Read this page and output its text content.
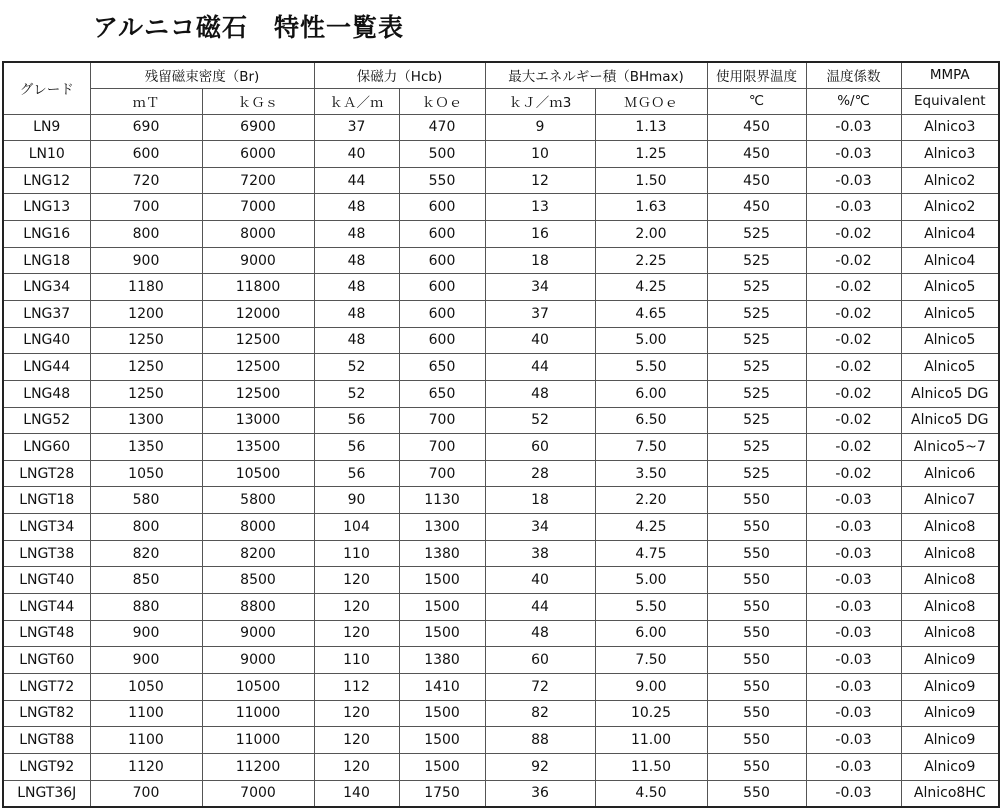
アルニコ磁石　特性一覧表
グレード	残留磁束密度（Br)		保磁力（Hcb)		最大エネルギー積（BHmax)		使用限界温度	温度係数	MMPA
	ｍＴ	ｋＧｓ	ｋＡ／ｍ	ｋＯｅ	ｋＪ／ｍ3	ＭＧＯｅ	℃	%/℃	Equivalent
LN9	690	6900	37	470	9	1.13	450	-0.03	Alnico3
LN10	600	6000	40	500	10	1.25	450	-0.03	Alnico3
LNG12	720	7200	44	550	12	1.50	450	-0.03	Alnico2
LNG13	700	7000	48	600	13	1.63	450	-0.03	Alnico2
LNG16	800	8000	48	600	16	2.00	525	-0.02	Alnico4
LNG18	900	9000	48	600	18	2.25	525	-0.02	Alnico4
LNG34	1180	11800	48	600	34	4.25	525	-0.02	Alnico5
LNG37	1200	12000	48	600	37	4.65	525	-0.02	Alnico5
LNG40	1250	12500	48	600	40	5.00	525	-0.02	Alnico5
LNG44	1250	12500	52	650	44	5.50	525	-0.02	Alnico5
LNG48	1250	12500	52	650	48	6.00	525	-0.02	Alnico5 DG
LNG52	1300	13000	56	700	52	6.50	525	-0.02	Alnico5 DG
LNG60	1350	13500	56	700	60	7.50	525	-0.02	Alnico5~7
LNGT28	1050	10500	56	700	28	3.50	525	-0.02	Alnico6
LNGT18	580	5800	90	1130	18	2.20	550	-0.03	Alnico7
LNGT34	800	8000	104	1300	34	4.25	550	-0.03	Alnico8
LNGT38	820	8200	110	1380	38	4.75	550	-0.03	Alnico8
LNGT40	850	8500	120	1500	40	5.00	550	-0.03	Alnico8
LNGT44	880	8800	120	1500	44	5.50	550	-0.03	Alnico8
LNGT48	900	9000	120	1500	48	6.00	550	-0.03	Alnico8
LNGT60	900	9000	110	1380	60	7.50	550	-0.03	Alnico9
LNGT72	1050	10500	112	1410	72	9.00	550	-0.03	Alnico9
LNGT82	1100	11000	120	1500	82	10.25	550	-0.03	Alnico9
LNGT88	1100	11000	120	1500	88	11.00	550	-0.03	Alnico9
LNGT92	1120	11200	120	1500	92	11.50	550	-0.03	Alnico9
LNGT36J	700	7000	140	1750	36	4.50	550	-0.03	Alnico8HC
